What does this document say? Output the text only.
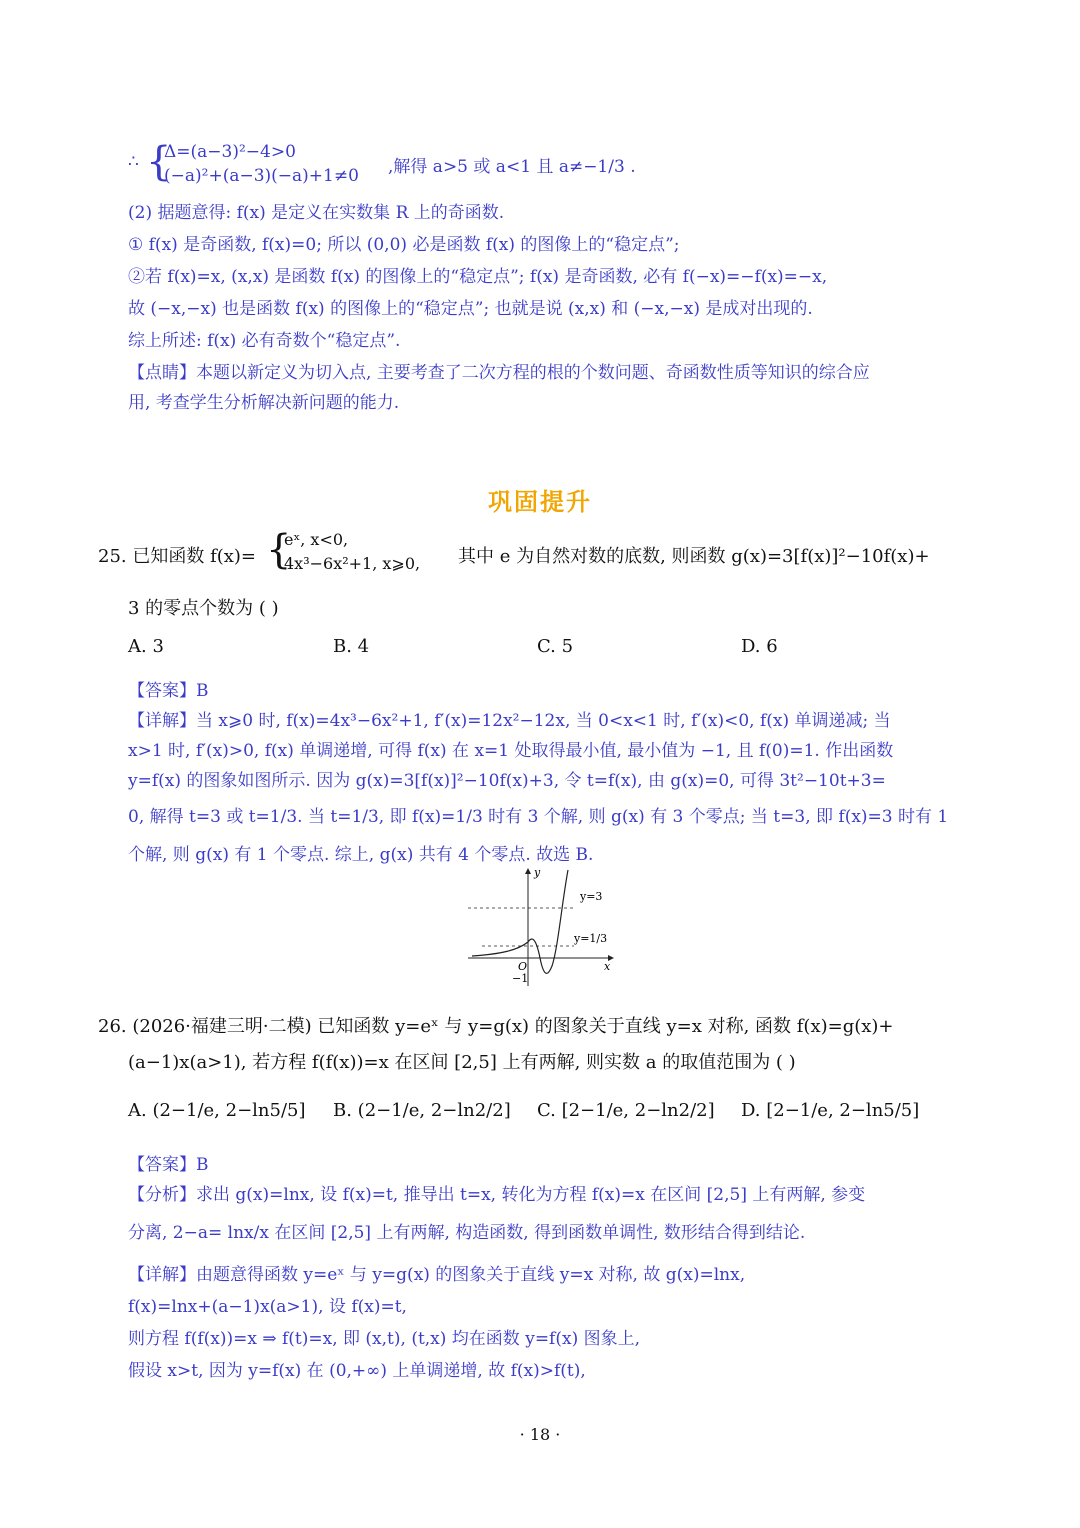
∴ {
Δ=(a−3)²−4>0
(−a)²+(a−3)(−a)+1≠0 ,解得 a>5 或 a<1 且 a≠−1/3 .
(2) 据题意得: f(x) 是定义在实数集 R 上的奇函数.
① f(x) 是奇函数, f(x)=0; 所以 (0,0) 必是函数 f(x) 的图像上的“稳定点”;
②若 f(x)=x, (x,x) 是函数 f(x) 的图像上的“稳定点”; f(x) 是奇函数, 必有 f(−x)=−f(x)=−x,
故 (−x,−x) 也是函数 f(x) 的图像上的“稳定点”; 也就是说 (x,x) 和 (−x,−x) 是成对出现的.
综上所述: f(x) 必有奇数个“稳定点”.
【点睛】本题以新定义为切入点, 主要考查了二次方程的根的个数问题、奇函数性质等知识的综合应
用, 考查学生分析解决新问题的能力.
巩固提升
25. 已知函数 f(x)= {
eˣ, x<0,
4x³−6x²+1, x⩾0, 其中 e 为自然对数的底数, 则函数 g(x)=3[f(x)]²−10f(x)+
3 的零点个数为 ( )
A. 3	B. 4	C. 5	D. 6
【答案】B
【详解】当 x⩾0 时, f(x)=4x³−6x²+1, f′(x)=12x²−12x, 当 0<x<1 时, f′(x)<0, f(x) 单调递减; 当
x>1 时, f′(x)>0, f(x) 单调递增, 可得 f(x) 在 x=1 处取得最小值, 最小值为 −1, 且 f(0)=1. 作出函数
y=f(x) 的图象如图所示. 因为 g(x)=3[f(x)]²−10f(x)+3, 令 t=f(x), 由 g(x)=0, 可得 3t²−10t+3=
0, 解得 t=3 或 t=1/3. 当 t=1/3, 即 f(x)=1/3 时有 3 个解, 则 g(x) 有 3 个零点; 当 t=3, 即 f(x)=3 时有 1
个解, 则 g(x) 有 1 个零点. 综上, g(x) 共有 4 个零点. 故选 B.
y
x
O
−1
y=3
y=1/3
26. (2026·福建三明·二模) 已知函数 y=eˣ 与 y=g(x) 的图象关于直线 y=x 对称, 函数 f(x)=g(x)+
(a−1)x(a>1), 若方程 f(f(x))=x 在区间 [2,5] 上有两解, 则实数 a 的取值范围为 ( )
A. (2−1/e, 2−ln5/5] B. (2−1/e, 2−ln2/2] C. [2−1/e, 2−ln2/2] D. [2−1/e, 2−ln5/5]
【答案】B
【分析】求出 g(x)=lnx, 设 f(x)=t, 推导出 t=x, 转化为方程 f(x)=x 在区间 [2,5] 上有两解, 参变
分离, 2−a= lnx/x 在区间 [2,5] 上有两解, 构造函数, 得到函数单调性, 数形结合得到结论.
【详解】由题意得函数 y=eˣ 与 y=g(x) 的图象关于直线 y=x 对称, 故 g(x)=lnx,
f(x)=lnx+(a−1)x(a>1), 设 f(x)=t,
则方程 f(f(x))=x ⇒ f(t)=x, 即 (x,t), (t,x) 均在函数 y=f(x) 图象上,
假设 x>t, 因为 y=f(x) 在 (0,+∞) 上单调递增, 故 f(x)>f(t),
· 18 ·
